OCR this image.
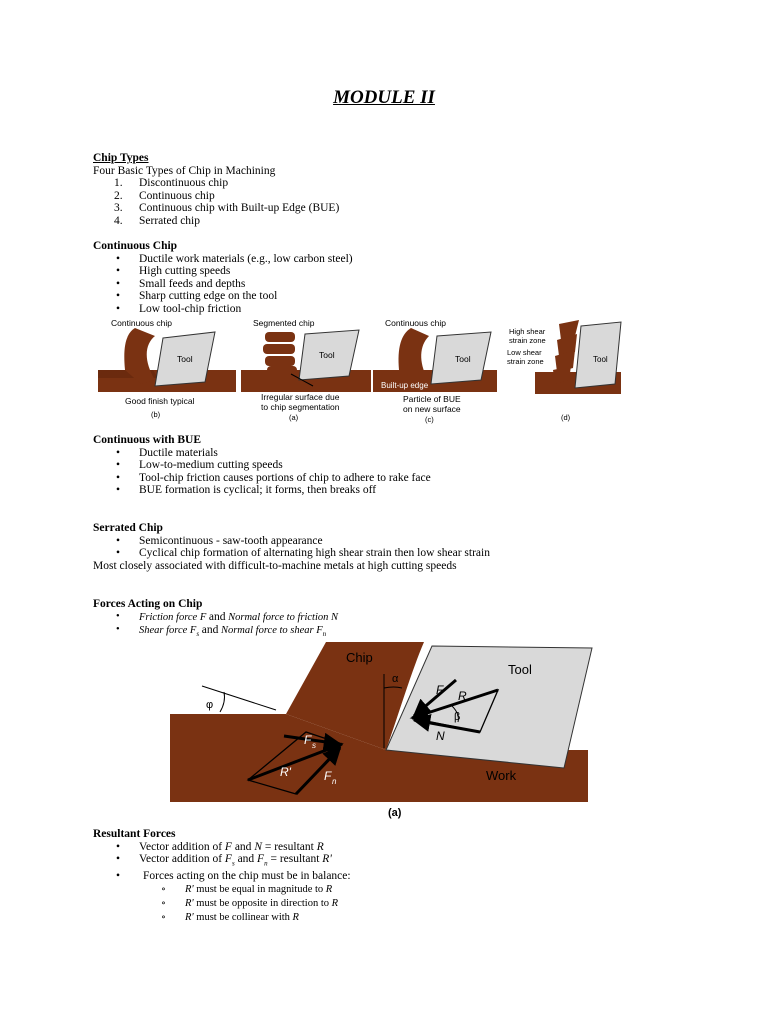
MODULE II
Chip Types
Four Basic Types of Chip in Machining
1. Discontinuous chip
2. Continuous chip
3. Continuous chip with Built-up Edge (BUE)
4. Serrated chip
Continuous Chip
• Ductile work materials (e.g., low carbon steel)
• High cutting speeds
• Small feeds and depths
• Sharp cutting edge on the tool
• Low tool-chip friction
Continuous chip
Tool
Good finish typical
(b)
Segmented chip
Tool
Irregular surface due
to chip segmentation
(a)
Continuous chip
Tool
Built-up edge
Particle of BUE
on new surface
(c)
High shear
strain zone
Low shear
strain zone	Tool
(d)
Continuous with BUE
• Ductile materials
• Low-to-medium cutting speeds
• Tool-chip friction causes portions of chip to adhere to rake face
• BUE formation is cyclical; it forms, then breaks off
Serrated Chip
• Semicontinuous - saw-tooth appearance
• Cyclical chip formation of alternating high shear strain then low shear strain
Most closely associated with difficult-to-machine metals at high cutting speeds
Forces Acting on Chip
• Friction force F and Normal force to friction N
• Shear force $F_s$ and Normal force to shear $F_n$
φ
α
F R
β
N
F s
R'	F n
Chip
Tool
Work
(a)
Resultant Forces
• Vector addition of F and N = resultant R
• Vector addition of $F_s$ and $F_n$ = resultant R'
• Forces acting on the chip must be in balance:
∘ R' must be equal in magnitude to R
∘ R' must be opposite in direction to R
∘ R' must be collinear with R
